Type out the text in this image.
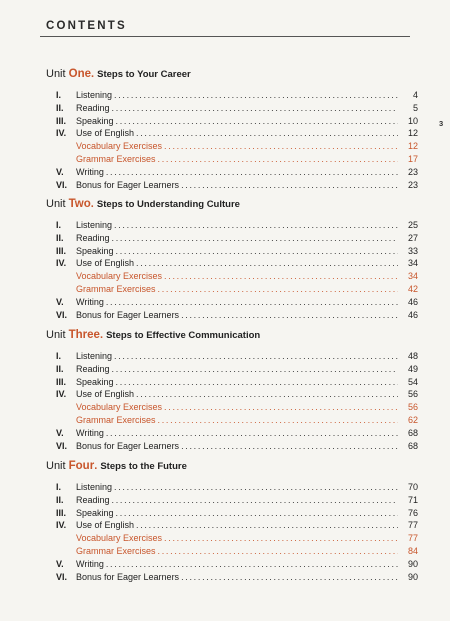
CONTENTS
3
Unit One. Steps to Your Career
I.	Listening . . .	4
II.	Reading . . .	5
III.	Speaking . . .	10
IV.	Use of English . . .	12
Vocabulary Exercises . . .	12
Grammar Exercises . . .	17
V.	Writing . . .	23
VI. Bonus for Eager Learners . . .	23
Unit Two. Steps to Understanding Culture
I.	Listening . . .	25
II.	Reading . . .	27
III.	Speaking . . .	33
IV.	Use of English . . .	34
Vocabulary Exercises . . .	34
Grammar Exercises . . .	42
V.	Writing . . .	46
VI. Bonus for Eager Learners . . .	46
Unit Three. Steps to Effective Communication
I.	Listening . . .	48
II.	Reading . . .	49
III.	Speaking . . .	54
IV.	Use of English . . .	56
Vocabulary Exercises . . .	56
Grammar Exercises . . .	62
V.	Writing . . .	68
VI. Bonus for Eager Learners . . .	68
Unit Four. Steps to the Future
I.	Listening . . .	70
II.	Reading . . .	71
III.	Speaking . . .	76
IV.	Use of English . . .	77
Vocabulary Exercises . . .	77
Grammar Exercises . . .	84
V.	Writing . . .	90
VI. Bonus for Eager Learners . . .	90
